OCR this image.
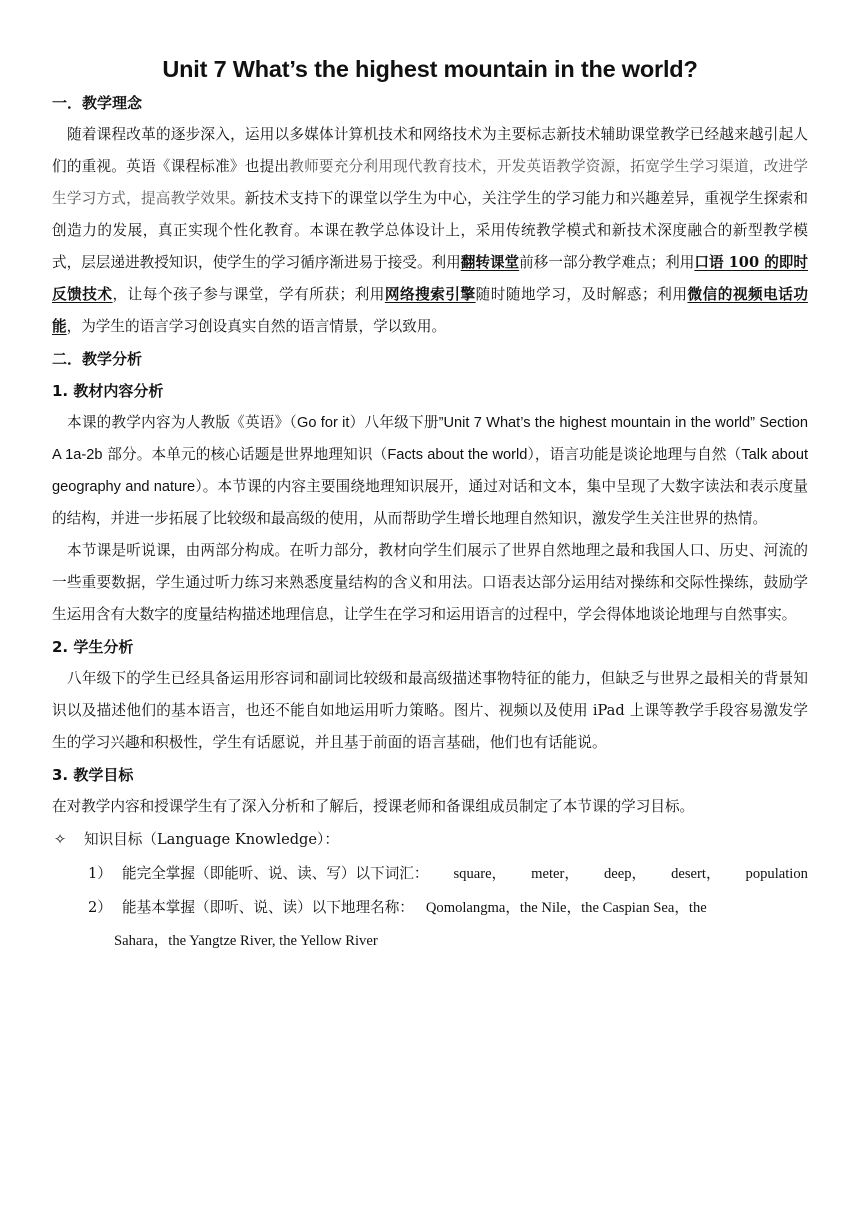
Unit 7 What’s the highest mountain in the world?
一．教学理念

随着课程改革的逐步深入，运用以多媒体计算机技术和网络技术为主要标志新技术辅助课堂教学已经越来越引起人们的重视。英语《课程标准》也提出教师要充分利用现代教育技术，开发英语教学资源，拓宽学生学习渠道，改进学生学习方式，提高教学效果。新技术支持下的课堂以学生为中心，关注学生的学习能力和兴趣差异，重视学生探索和创造力的发展，真正实现个性化教育。本课在教学总体设计上，采用传统教学模式和新技术深度融合的新型教学模式，层层递进教授知识，使学生的学习循序渐进易于接受。利用翻转课堂前移一部分教学难点；利用口语 100 的即时反馈技术，让每个孩子参与课堂，学有所获；利用网络搜索引擎随时随地学习，及时解惑；利用微信的视频电话功能，为学生的语言学习创设真实自然的语言情景，学以致用。

二．教学分析
1. 教材内容分析

本课的教学内容为人教版《英语》（Go for it）八年级下册”Unit 7 What’s the highest mountain in the world” Section A 1a-2b 部分。本单元的核心话题是世界地理知识（Facts about the world），语言功能是谈论地理与自然（Talk about geography and nature）。本节课的内容主要围绕地理知识展开，通过对话和文本，集中呈现了大数字读法和表示度量的结构，并进一步拓展了比较级和最高级的使用，从而帮助学生增长地理自然知识，激发学生关注世界的热情。

本节课是听说课，由两部分构成。在听力部分，教材向学生们展示了世界自然地理之最和我国人口、历史、河流的一些重要数据，学生通过听力练习来熟悉度量结构的含义和用法。口语表达部分运用结对操练和交际性操练，鼓励学生运用含有大数字的度量结构描述地理信息，让学生在学习和运用语言的过程中，学会得体地谈论地理与自然事实。

2. 学生分析

八年级下的学生已经具备运用形容词和副词比较级和最高级描述事物特征的能力，但缺乏与世界之最相关的背景知识以及描述他们的基本语言，也还不能自如地运用听力策略。图片、视频以及使用 iPad 上课等教学手段容易激发学生的学习兴趣和积极性，学生有话愿说，并且基于前面的语言基础，他们也有话能说。

3. 教学目标

在对教学内容和授课学生有了深入分析和了解后，授课老师和备课组成员制定了本节课的学习目标。

✧ 知识目标（Language Knowledge）：
1） 能完全掌握（即能听、说、读、写）以下词汇： square， meter， deep， desert， population
2） 能基本掌握（即听、说、读）以下地理名称： Qomolangma，the Nile，the Caspian Sea，the
Sahara，the Yangtze River, the Yellow River
